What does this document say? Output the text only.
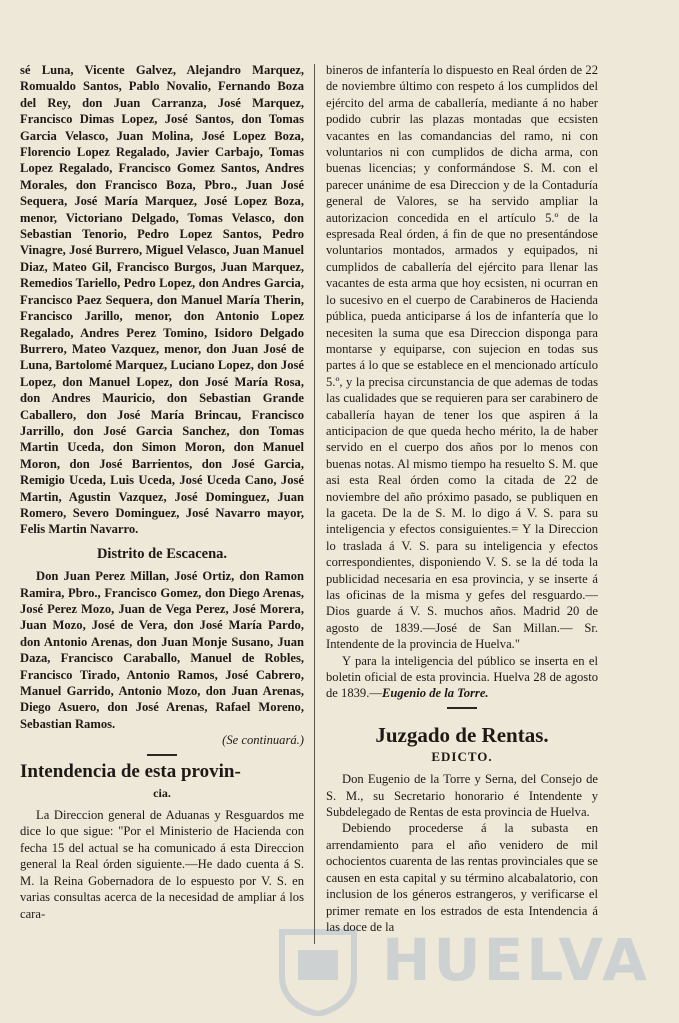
sé Luna, Vicente Galvez, Alejandro Marquez, Romualdo Santos, Pablo Novalio, Fernando Boza del Rey, don Juan Carranza, José Marquez, Francisco Dimas Lopez, José Santos, don Tomas Garcia Velasco, Juan Molina, José Lopez Boza, Florencio Lopez Regalado, Javier Carbajo, Tomas Lopez Regalado, Francisco Gomez Santos, Andres Morales, don Francisco Boza, Pbro., Juan José Sequera, José María Marquez, José Lopez Boza, menor, Victoriano Delgado, Tomas Velasco, don Sebastian Tenorio, Pedro Lopez Santos, Pedro Vinagre, José Burrero, Miguel Velasco, Juan Manuel Diaz, Mateo Gil, Francisco Burgos, Juan Marquez, Remedios Tariello, Pedro Lopez, don Andres Garcia, Francisco Paez Sequera, don Manuel María Therin, Francisco Jarillo, menor, don Antonio Lopez Regalado, Andres Perez Tomino, Isidoro Delgado Burrero, Mateo Vazquez, menor, don Juan José de Luna, Bartolomé Marquez, Luciano Lopez, don José Lopez, don Manuel Lopez, don José María Rosa, don Andres Mauricio, don Sebastian Grande Caballero, don José María Brincau, Francisco Jarrillo, don José Garcia Sanchez, don Tomas Martin Uceda, don Simon Moron, don Manuel Moron, don José Barrientos, don José Garcia, Remigio Uceda, Luis Uceda, José Uceda Cano, José Martin, Agustin Vazquez, José Dominguez, Juan Romero, Severo Dominguez, José Navarro mayor, Felis Martin Navarro.

Distrito de Escacena.

Don Juan Perez Millan, José Ortiz, don Ramon Ramira, Pbro., Francisco Gomez, don Diego Arenas, José Perez Mozo, Juan de Vega Perez, José Morera, Juan Mozo, José de Vera, don José María Pardo, don Antonio Arenas, don Juan Monje Susano, Juan Daza, Francisco Caraballo, Manuel de Robles, Francisco Tirado, Antonio Ramos, José Cabrero, Manuel Garrido, Antonio Mozo, don Juan Arenas, Diego Asuero, don José Arenas, Rafael Moreno, Sebastian Ramos.

(Se continuará.)

Intendencia de esta provin-

cia.

La Direccion general de Aduanas y Resguardos me dice lo que sigue: "Por el Ministerio de Hacienda con fecha 15 del actual se ha comunicado á esta Direccion general la Real órden siguiente.—He dado cuenta á S. M. la Reina Gobernadora de lo espuesto por V. S. en varias consultas acerca de la necesidad de ampliar á los cara-

bineros de infantería lo dispuesto en Real órden de 22 de noviembre último con respeto á los cumplidos del ejército del arma de caballería, mediante á no haber podido cubrir las plazas montadas que ecsisten vacantes en las comandancias del ramo, ni con voluntarios ni con cumplidos de dicha arma, con buenas licencias; y conformándose S. M. con el parecer unánime de esa Direccion y de la Contaduría general de Valores, se ha servido ampliar la autorizacion concedida en el artículo 5.º de la espresada Real órden, á fin de que no presentándose voluntarios montados, armados y equipados, ni cumplidos de caballería del ejército para llenar las vacantes de esta arma que hoy ecsisten, ni ocurran en lo sucesivo en el cuerpo de Carabineros de Hacienda pública, pueda anticiparse á los de infantería que lo necesiten la suma que esa Direccion disponga para montarse y equiparse, con sujecion en todas sus partes á lo que se establece en el mencionado artículo 5.º, y la precisa circunstancia de que ademas de todas las cualidades que se requieren para ser carabinero de caballería hayan de tener los que aspiren á la anticipacion de que queda hecho mérito, la de haber servido en el cuerpo dos años por lo menos con buenas notas. Al mismo tiempo ha resuelto S. M. que asi esta Real órden como la citada de 22 de noviembre del año próximo pasado, se publiquen en la gaceta. De la de S. M. lo digo á V. S. para su inteligencia y efectos consiguientes.= Y la Direccion lo traslada á V. S. para su inteligencia y efectos correspondientes, disponiendo V. S. se la dé toda la publicidad necesaria en esa provincia, y se inserte á las oficinas de la misma y gefes del resguardo.— Dios guarde á V. S. muchos años. Madrid 20 de agosto de 1839.—José de San Millan.— Sr. Intendente de la provincia de Huelva."

Y para la inteligencia del público se inserta en el boletin oficial de esta provincia. Huelva 28 de agosto de 1839.—Eugenio de la Torre.

Juzgado de Rentas.
EDICTO.

Don Eugenio de la Torre y Serna, del Consejo de S. M., su Secretario honorario é Intendente y Subdelegado de Rentas de esta provincia de Huelva.

Debiendo procederse á la subasta en arrendamiento para el año venidero de mil ochocientos cuarenta de las rentas provinciales que se causen en esta capital y su término alcabalatorio, con inclusion de los géneros estrangeros, y verificarse el primer remate en los estrados de esta Intendencia á las doce de la

HUELVA
